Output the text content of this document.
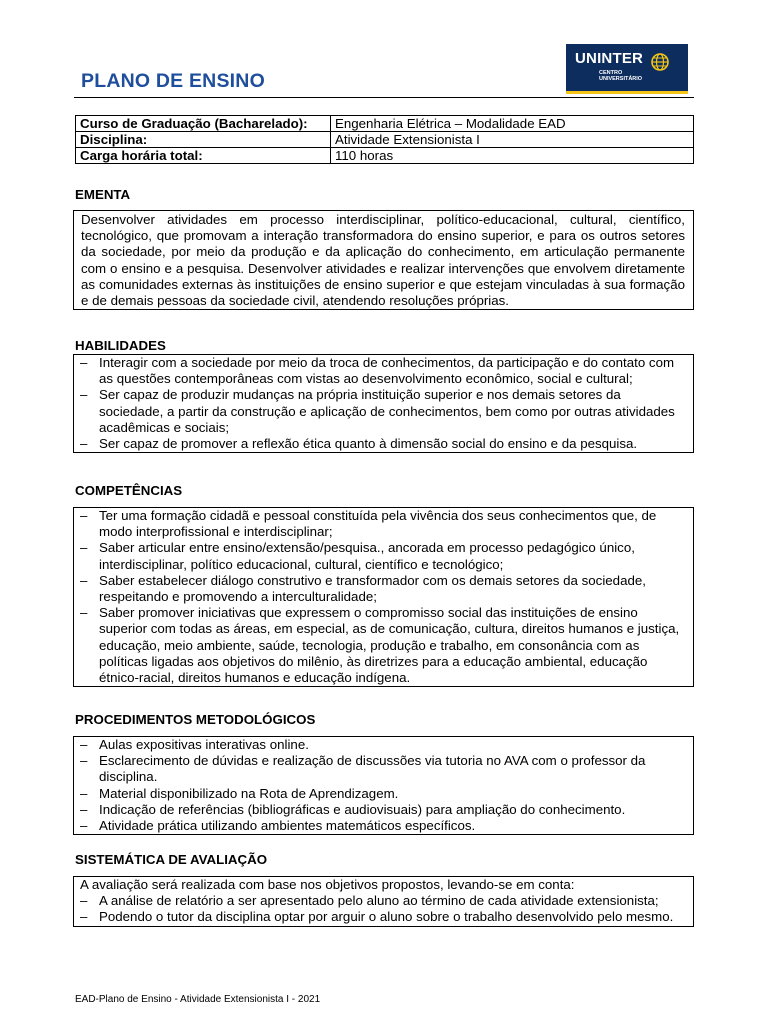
PLANO DE ENSINO
UNINTER
CENTRO UNIVERSITÁRIO
Curso de Graduação (Bacharelado):	Engenharia Elétrica – Modalidade EAD
Disciplina:	Atividade Extensionista I
Carga horária total:	110 horas
EMENTA
Desenvolver atividades em processo interdisciplinar, político-educacional, cultural, científico, tecnológico, que promovam a interação transformadora do ensino superior, e para os outros setores da sociedade, por meio da produção e da aplicação do conhecimento, em articulação permanente com o ensino e a pesquisa. Desenvolver atividades e realizar intervenções que envolvem diretamente as comunidades externas às instituições de ensino superior e que estejam vinculadas à sua formação e de demais pessoas da sociedade civil, atendendo resoluções próprias.
HABILIDADES
– Interagir com a sociedade por meio da troca de conhecimentos, da participação e do contato com as questões contemporâneas com vistas ao desenvolvimento econômico, social e cultural;
– Ser capaz de produzir mudanças na própria instituição superior e nos demais setores da sociedade, a partir da construção e aplicação de conhecimentos, bem como por outras atividades acadêmicas e sociais;
– Ser capaz de promover a reflexão ética quanto à dimensão social do ensino e da pesquisa.
COMPETÊNCIAS
– Ter uma formação cidadã e pessoal constituída pela vivência dos seus conhecimentos que, de modo interprofissional e interdisciplinar;
– Saber articular entre ensino/extensão/pesquisa., ancorada em processo pedagógico único, interdisciplinar, político educacional, cultural, científico e tecnológico;
– Saber estabelecer diálogo construtivo e transformador com os demais setores da sociedade, respeitando e promovendo a interculturalidade;
– Saber promover iniciativas que expressem o compromisso social das instituições de ensino superior com todas as áreas, em especial, as de comunicação, cultura, direitos humanos e justiça, educação, meio ambiente, saúde, tecnologia, produção e trabalho, em consonância com as políticas ligadas aos objetivos do milênio, às diretrizes para a educação ambiental, educação étnico-racial, direitos humanos e educação indígena.
PROCEDIMENTOS METODOLÓGICOS
– Aulas expositivas interativas online.
– Esclarecimento de dúvidas e realização de discussões via tutoria no AVA com o professor da disciplina.
– Material disponibilizado na Rota de Aprendizagem.
– Indicação de referências (bibliográficas e audiovisuais) para ampliação do conhecimento.
– Atividade prática utilizando ambientes matemáticos específicos.
SISTEMÁTICA DE AVALIAÇÃO
A avaliação será realizada com base nos objetivos propostos, levando-se em conta:
– A análise de relatório a ser apresentado pelo aluno ao término de cada atividade extensionista;
– Podendo o tutor da disciplina optar por arguir o aluno sobre o trabalho desenvolvido pelo mesmo.
EAD-Plano de Ensino - Atividade Extensionista I - 2021
